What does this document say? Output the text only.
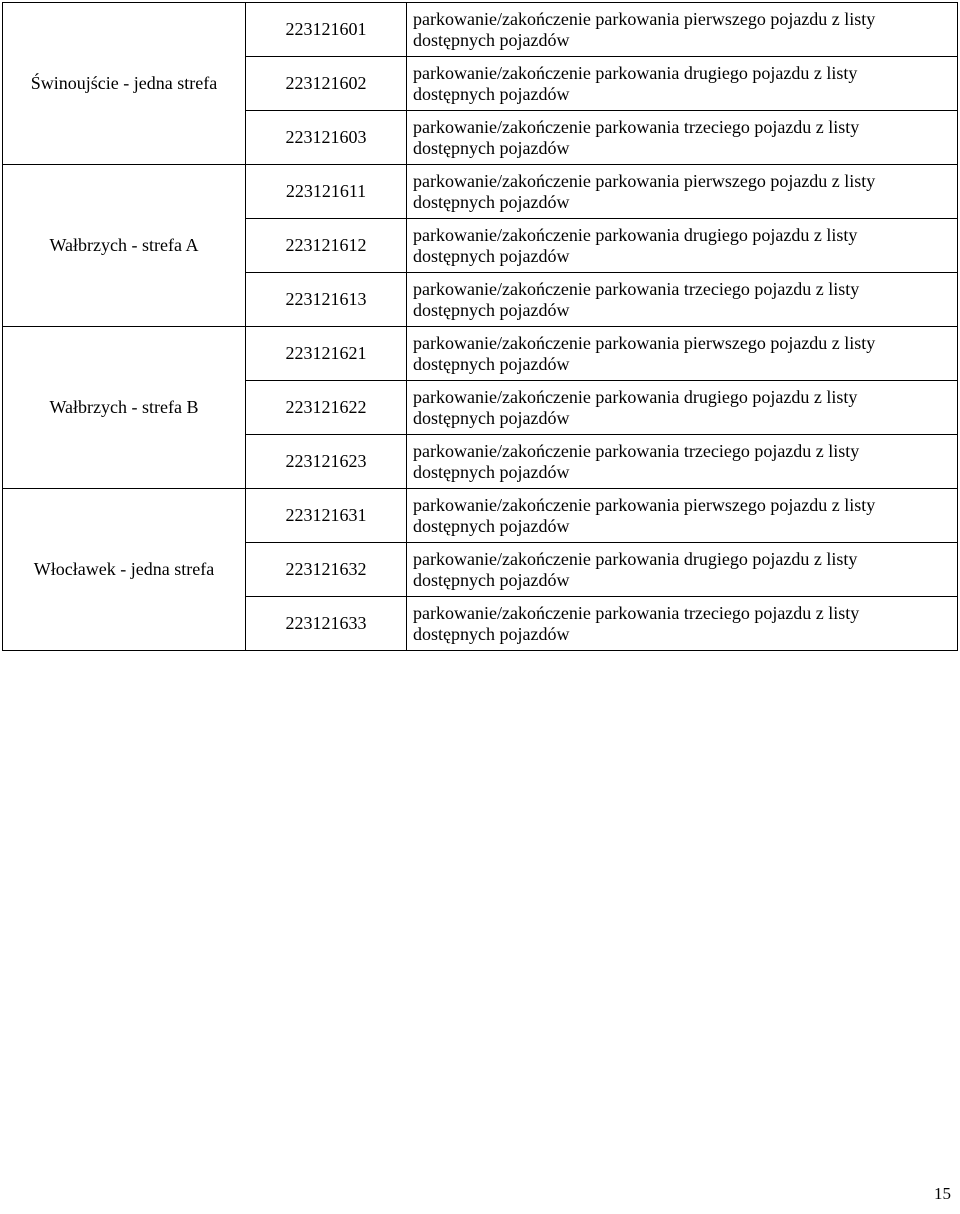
Świnoujście - jedna strefa	223121601	parkowanie/zakończenie parkowania pierwszego pojazdu z listy
dostępnych pojazdów

	223121602	parkowanie/zakończenie parkowania drugiego pojazdu z listy
dostępnych pojazdów

	223121603	parkowanie/zakończenie parkowania trzeciego pojazdu z listy
dostępnych pojazdów

Wałbrzych - strefa A	223121611	parkowanie/zakończenie parkowania pierwszego pojazdu z listy
dostępnych pojazdów

	223121612	parkowanie/zakończenie parkowania drugiego pojazdu z listy
dostępnych pojazdów

	223121613	parkowanie/zakończenie parkowania trzeciego pojazdu z listy
dostępnych pojazdów

Wałbrzych - strefa B	223121621	parkowanie/zakończenie parkowania pierwszego pojazdu z listy
dostępnych pojazdów

	223121622	parkowanie/zakończenie parkowania drugiego pojazdu z listy
dostępnych pojazdów

	223121623	parkowanie/zakończenie parkowania trzeciego pojazdu z listy
dostępnych pojazdów

Włocławek - jedna strefa	223121631	parkowanie/zakończenie parkowania pierwszego pojazdu z listy
dostępnych pojazdów

	223121632	parkowanie/zakończenie parkowania drugiego pojazdu z listy
dostępnych pojazdów

	223121633	parkowanie/zakończenie parkowania trzeciego pojazdu z listy
dostępnych pojazdów
15
